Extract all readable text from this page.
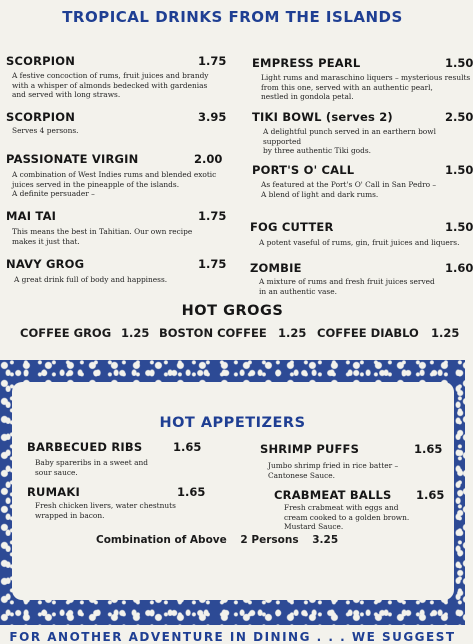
TROPICAL DRINKS FROM THE ISLANDS
SCORPION	1.75
A festive concoction of rums, fruit juices and brandy
with a whisper of almonds bedecked with gardenias
and served with long straws.
SCORPION	3.95
Serves 4 persons.
PASSIONATE VIRGIN	2.00
A combination of West Indies rums and blended exotic
juices served in the pineapple of the islands.
A definite persuader –
MAI TAI	1.75
This means the best in Tahitian. Our own recipe
makes it just that.
NAVY GROG	1.75
A great drink full of body and happiness.
EMPRESS PEARL	1.50
Light rums and maraschino liquers – mysterious results
from this one, served with an authentic pearl,
nestled in gondola petal.
TIKI BOWL (serves 2)	2.50
A delightful punch served in an earthern bowl supported
by three authentic Tiki gods.
PORT'S O' CALL	1.50
As featured at the Port's O' Call in San Pedro –
A blend of light and dark rums.
FOG CUTTER	1.50
A potent vaseful of rums, gin, fruit juices and liquers.
ZOMBIE	1.60
A mixture of rums and fresh fruit juices served
in an authentic vase.
HOT GROGS
COFFEE GROG 1.25 BOSTON COFFEE 1.25 COFFEE DIABLO 1.25
HOT APPETIZERS
BARBECUED RIBS	1.65
Baby spareribs in a sweet and
sour sauce.
SHRIMP PUFFS	1.65
Jumbo shrimp fried in rice batter –
Cantonese Sauce.
RUMAKI	1.65
Fresh chicken livers, water chestnuts
wrapped in bacon.
CRABMEAT BALLS 1.65
Fresh crabmeat with eggs and
cream cooked to a golden brown.
Mustard Sauce.
Combination of Above 2 Persons 3.25
FOR ANOTHER ADVENTURE IN DINING . . . WE SUGGEST
